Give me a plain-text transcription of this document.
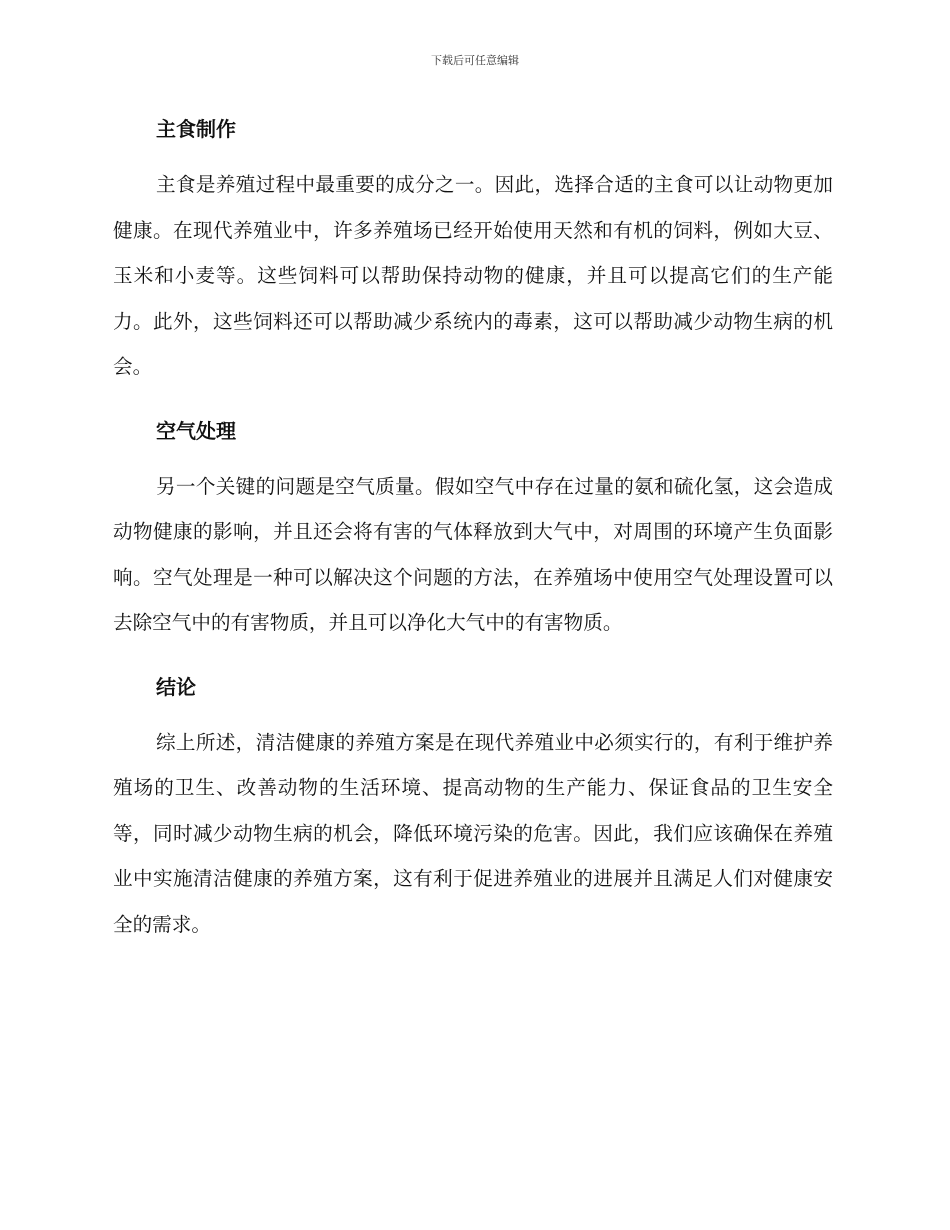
下载后可任意编辑
主食制作

主食是养殖过程中最重要的成分之一。因此，选择合适的主食可以让动物更加健康。在现代养殖业中，许多养殖场已经开始使用天然和有机的饲料，例如大豆、玉米和小麦等。这些饲料可以帮助保持动物的健康，并且可以提高它们的生产能力。此外，这些饲料还可以帮助减少系统内的毒素，这可以帮助减少动物生病的机会。

空气处理

另一个关键的问题是空气质量。假如空气中存在过量的氨和硫化氢，这会造成动物健康的影响，并且还会将有害的气体释放到大气中，对周围的环境产生负面影响。空气处理是一种可以解决这个问题的方法，在养殖场中使用空气处理设置可以去除空气中的有害物质，并且可以净化大气中的有害物质。

结论

综上所述，清洁健康的养殖方案是在现代养殖业中必须实行的，有利于维护养殖场的卫生、改善动物的生活环境、提高动物的生产能力、保证食品的卫生安全等，同时减少动物生病的机会，降低环境污染的危害。因此，我们应该确保在养殖业中实施清洁健康的养殖方案，这有利于促进养殖业的进展并且满足人们对健康安全的需求。
